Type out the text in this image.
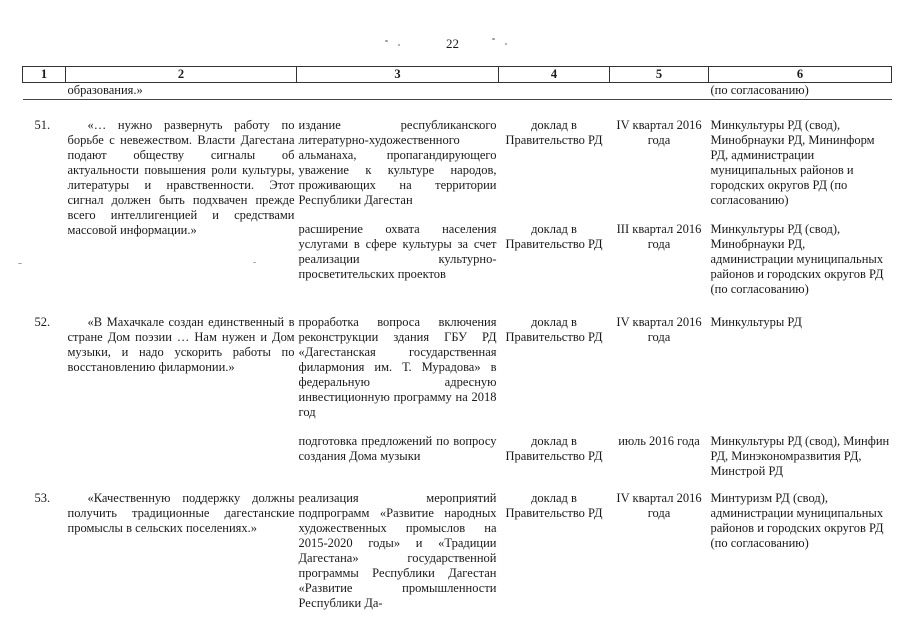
22
1	2	3	4	5	6
	образования.»				(по согласованию)

51.	«… нужно развернуть работу по борьбе с невежеством. Власти Дагестана подают обществу сигналы об актуальности повышения роли культуры, литературы и нравственности. Этот сигнал должен быть подхвачен прежде всего интеллигенцией и средствами массовой информации.»	издание республиканского литературно-художественного альманаха, пропагандирующего уважение к культуре народов, проживающих на территории Республики Дагестан	доклад в Правительство РД	IV квартал 2016 года	Минкультуры РД (свод), Минобрнауки РД, Мининформ РД, администрации муниципальных районов и городских округов РД (по согласованию)
		расширение охвата населения услугами в сфере культуры за счет реализации культурно-просветительских проектов	доклад в Правительство РД	III квартал 2016 года	Минкультуры РД (свод), Минобрнауки РД, администрации муниципальных районов и городских округов РД (по согласованию)

52.	«В Махачкале создан единственный в стране Дом поэзии … Нам нужен и Дом музыки, и надо ускорить работы по восстановлению филармонии.»	проработка вопроса включения реконструкции здания ГБУ РД «Дагестанская государственная филармония им. Т. Мурадова» в федеральную адресную инвестиционную программу на 2018 год	доклад в Правительство РД	IV квартал 2016 года	Минкультуры РД
		подготовка предложений по вопросу создания Дома музыки	доклад в Правительство РД	июль 2016 года	Минкультуры РД (свод), Минфин РД, Минэкономразвития РД, Минстрой РД

53.	«Качественную поддержку должны получить традиционные дагестанские промыслы в сельских поселениях.»	реализация мероприятий подпрограмм «Развитие народных художественных промыслов на 2015-2020 годы» и «Традиции Дагестана» государственной программы Республики Дагестан «Развитие промышленности Республики Да-	доклад в Правительство РД	IV квартал 2016 года	Минтуризм РД (свод), администрации муниципальных районов и городских округов РД (по согласованию)
